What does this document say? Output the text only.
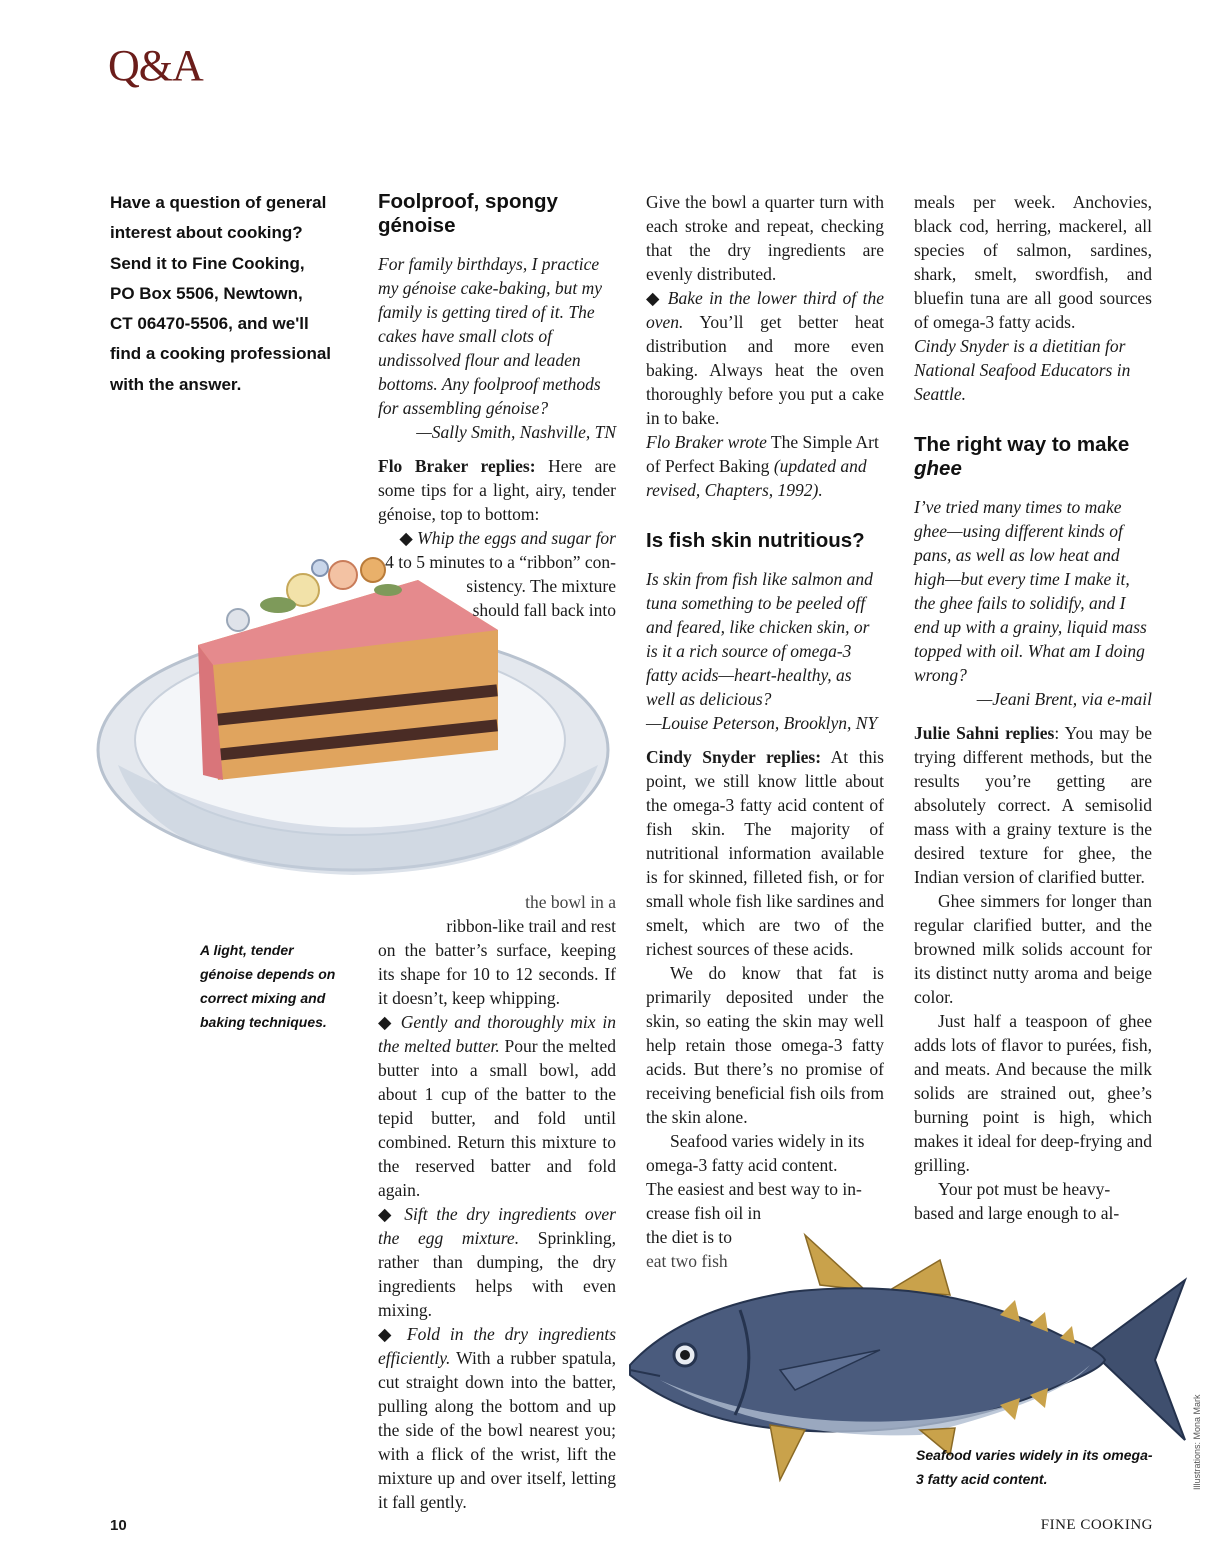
Q&A

Have a question of general

interest about cooking?

Send it to Fine Cooking,

PO Box 5506, Newtown,

CT 06470-5506, and we'll

find a cooking professional

with the answer.

Foolproof, spongy

génoise

For family birthdays, I practice my génoise cake-baking, but my family is getting tired of it. The cakes have small clots of undissolved flour and leaden bottoms. Any foolproof methods for assembling génoise?

—Sally Smith, Nashville, TN

Flo Braker replies: Here are some tips for a light, airy, tender génoise, top to bottom:

◆ Whip the eggs and sugar for

4 to 5 minutes to a “ribbon” con-

sistency. The mixture

should fall back into

the bowl in a

ribbon-like trail and rest

on the batter’s surface, keeping its shape for 10 to 12 seconds. If it doesn’t, keep whipping.

◆ Gently and thoroughly mix in the melted butter. Pour the melted butter into a small bowl, add about 1 cup of the batter to the tepid butter, and fold until combined. Return this mixture to the reserved batter and fold again.

◆ Sift the dry ingredients over the egg mixture. Sprinkling, rather than dumping, the dry ingredients helps with even mixing.

◆ Fold in the dry ingredients efficiently. With a rubber spatula, cut straight down into the batter, pulling along the bottom and up the side of the bowl nearest you; with a flick of the wrist, lift the mixture up and over itself, letting it fall gently.

A light, tender
génoise depends on
correct mixing and
baking techniques.

Give the bowl a quarter turn with each stroke and repeat, checking that the dry ingredients are evenly distributed.

◆ Bake in the lower third of the oven. You’ll get better heat distribution and more even baking. Always heat the oven thoroughly before you put a cake in to bake.

Flo Braker wrote The Simple Art of Perfect Baking (updated and revised, Chapters, 1992).

Is fish skin nutritious?

Is skin from fish like salmon and tuna something to be peeled off and feared, like chicken skin, or is it a rich source of omega-3 fatty acids—heart-healthy, as well as delicious?

—Louise Peterson, Brooklyn, NY

Cindy Snyder replies: At this point, we still know little about the omega-3 fatty acid content of fish skin. The majority of nutritional information available is for skinned, filleted fish, or for small whole fish like sardines and smelt, which are two of the richest sources of these acids.

We do know that fat is primarily deposited under the skin, so eating the skin may well help retain those omega-3 fatty acids. But there’s no promise of receiving beneficial fish oils from the skin alone.

Seafood varies widely in its

omega-3 fatty acid content.

The easiest and best way to in-

crease fish oil in

the diet is to

eat two fish

meals per week. Anchovies, black cod, herring, mackerel, all species of salmon, sardines, shark, smelt, swordfish, and bluefin tuna are all good sources of omega-3 fatty acids.

Cindy Snyder is a dietitian for National Seafood Educators in Seattle.

The right way to make

ghee

I’ve tried many times to make ghee—using different kinds of pans, as well as low heat and high—but every time I make it, the ghee fails to solidify, and I end up with a grainy, liquid mass topped with oil. What am I doing wrong?

—Jeani Brent, via e-mail

Julie Sahni replies: You may be trying different methods, but the results you’re getting are absolutely correct. A semisolid mass with a grainy texture is the desired texture for ghee, the Indian version of clarified butter.

Ghee simmers for longer than regular clarified butter, and the browned milk solids account for its distinct nutty aroma and beige color.

Just half a teaspoon of ghee adds lots of flavor to purées, fish, and meats. And because the milk solids are strained out, ghee’s burning point is high, which makes it ideal for deep-frying and grilling.

Your pot must be heavy-

based and large enough to al-

Seafood varies widely in its omega-
3 fatty acid content.	Illustrations: Mona Mark
10	FINE COOKING
